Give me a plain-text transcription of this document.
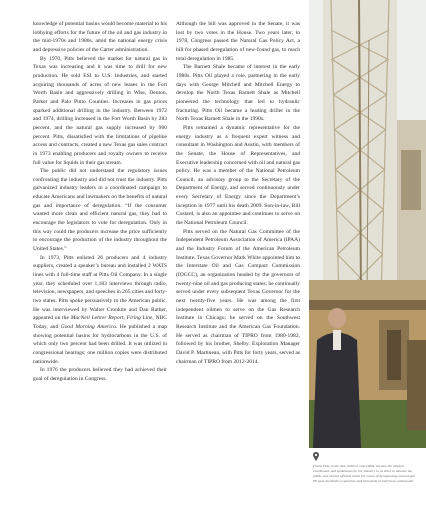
knowledge of potential basins would become material to his lobbying efforts for the future of the oil and gas industry in the mid-1970s and 1980s, amid the national energy crisis and depressive policies of the Carter administration.

By 1970, Pitts believed the market for natural gas in Texas was increasing and it was time to drill for new production. He sold ESI to U.S. Industries, and started acquiring thousands of acres of new leases in the Fort Worth Basin and aggressively drilling in Wise, Denton, Parker and Palo Pinto Counties. Increases in gas prices sparked additional drilling in the industry. Between 1972 and 1974, drilling increased in the Fort Worth Basin by 283 percent, and the natural gas supply increased by 900 percent. Pitts, dissatisfied with the limitations of pipeline access and contracts, created a new Texas gas sales contract in 1973 enabling producers and royalty owners to receive full value for liquids in their gas stream.

The public did not understand the regulatory issues confronting the industry and did not trust the industry. Pitts galvanized industry leaders in a coordinated campaign to educate Americans and lawmakers on the benefits of natural gas and importance of deregulation. “If the consumer wanted more clean and efficient natural gas, they had to encourage the legislators to vote for deregulation. Only in this way could the producers increase the price sufficiently to encourage the production of the industry throughout the United States.”

In 1973, Pitts enlisted 26 producers and 4 industry suppliers, created a speaker’s bureau and installed 2 WATS lines with 4 full-time staff at Pitts Oil Company. In a single year, they scheduled over 1,183 interviews through radio, television, newspapers, and speeches in 265 cities and forty-two states. Pitts spoke persuasively to the American public. He was interviewed by Walter Cronkite and Dan Rather, appeared on the MacNeil Lehrer Report, Firing Line, NBC Today, and Good Morning America. He published a map showing potential basins for hydrocarbons in the U.S. of which only two percent had been drilled. It was utilized in congressional hearings; one million copies were distributed nationwide.

In 1976 the producers believed they had achieved their goal of deregulation in Congress.

Although the bill was approved in the Senate, it was lost by two votes in the House. Two years later, in 1978, Congress passed the Natural Gas Policy Act, a bill for phased deregulation of new-found gas, to reach total deregulation in 1985.

The Barnett Shale became of interest in the early 1980s. Pitts Oil played a role, partnering in the early days with George Mitchell and Mitchell Energy to develop the North Texas Barnett Shale as Mitchell pioneered the technology that led to hydraulic fracturing. Pitts Oil became a leading driller in the North Texas Barnett Shale in the 1990s.

Pitts remained a dynamic representative for the energy industry as a frequent expert witness and consultant in Washington and Austin, with members of the Senate, the House of Representatives, and Executive leadership concerned with oil and natural gas policy. He was a member of the National Petroleum Council, an advisory group to the Secretary of the Department of Energy, and served continuously under every Secretary of Energy since the Department’s inception in 1977 until his death 2009. Son-in-law, Bill Custard, is also an appointee and continues to serve on the National Petroleum Council.

Pitts served on the Natural Gas Committee of the Independent Petroleum Association of America (IPAA) and the Industry Forum of the American Petroleum Institute. Texas Governor Mark White appointed him to the Interstate Oil and Gas Compact Commission (IOGCC), an organization headed by the governors of twenty-nine oil and gas producing states; he continually served under every subsequent Texas Governor for the next twenty-five years. He was among the first independent oilmen to serve on the Gas Research Institute in Chicago; he served on the Southwest Research Institute and the American Gas Foundation. He served as chairman of TIPRO from 1980-1982, followed by his brother, Shelby. Exploration Manager David P. Martineau, with Pitts for forty years, served as chairman of TIPRO from 2012-2014.

Frank Pitts, in the mid-1970s to mid-1980s, became the catalyst, coordinator and spokesman for the industry in its drive to educate the public and elected officials about the issues of deregulating natural gas. He gave hundreds of speeches and thousands of interviews nationwide.
